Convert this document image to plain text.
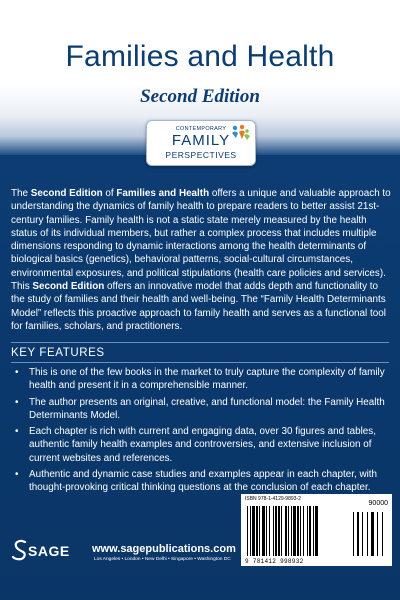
Families and Health
Second Edition
CONTEMPORARY
FAMILY
PERSPECTIVES
The Second Edition of Families and Health offers a unique and valuable approach to understanding the dynamics of family health to prepare readers to better assist 21st-century families. Family health is not a static state merely measured by the health status of its individual members, but rather a complex process that includes multiple dimensions responding to dynamic interactions among the health determinants of biological basics (genetics), behavioral patterns, social-cultural circumstances, environmental exposures, and political stipulations (health care policies and services). This Second Edition offers an innovative model that adds depth and functionality to the study of families and their health and well-being. The “Family Health Determinants Model” reflects this proactive approach to family health and serves as a functional tool for families, scholars, and practitioners.
KEY FEATURES
• This is one of the few books in the market to truly capture the complexity of family health and present it in a comprehensible manner.
• The author presents an original, creative, and functional model: the Family Health Determinants Model.
• Each chapter is rich with current and engaging data, over 30 figures and tables, authentic family health examples and controversies, and extensive inclusion of current websites and references.
• Authentic and dynamic case studies and examples appear in each chapter, with thought-provoking critical thinking questions at the conclusion of each chapter.
ISBN 978-1-4129-9893-2
90000
9 781412 998932
SAGE www.sagepublications.com
Los Angeles • London • New Delhi • Singapore • Washington DC
